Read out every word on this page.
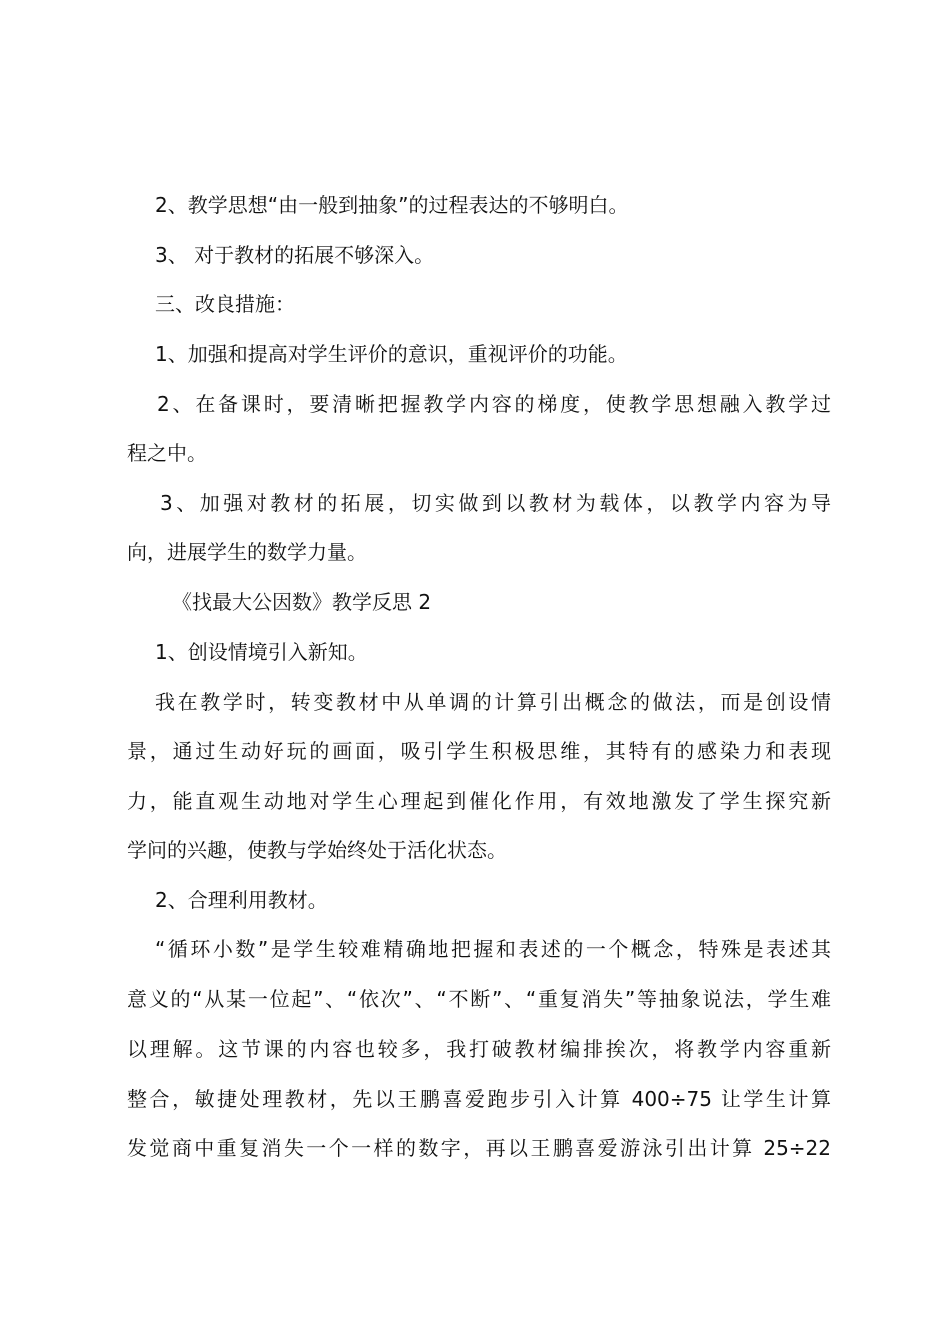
2、教学思想“由一般到抽象”的过程表达的不够明白。
3、 对于教材的拓展不够深入。
三、改良措施：
1、加强和提高对学生评价的意识，重视评价的功能。
2、在备课时，要清晰把握教学内容的梯度，使教学思想融入教学过
程之中。
3、加强对教材的拓展，切实做到以教材为载体，以教学内容为导
向，进展学生的数学力量。
《找最大公因数》教学反思 2
1、创设情境引入新知。
我在教学时，转变教材中从单调的计算引出概念的做法，而是创设情
景，通过生动好玩的画面，吸引学生积极思维，其特有的感染力和表现
力，能直观生动地对学生心理起到催化作用，有效地激发了学生探究新
学问的兴趣，使教与学始终处于活化状态。
2、合理利用教材。
“循环小数”是学生较难精确地把握和表述的一个概念，特殊是表述其
意义的“从某一位起”、“依次”、“不断”、“重复消失”等抽象说法，学生难
以理解。这节课的内容也较多，我打破教材编排挨次，将教学内容重新
整合，敏捷处理教材，先以王鹏喜爱跑步引入计算 400÷75 让学生计算
发觉商中重复消失一个一样的数字，再以王鹏喜爱游泳引出计算 25÷22
